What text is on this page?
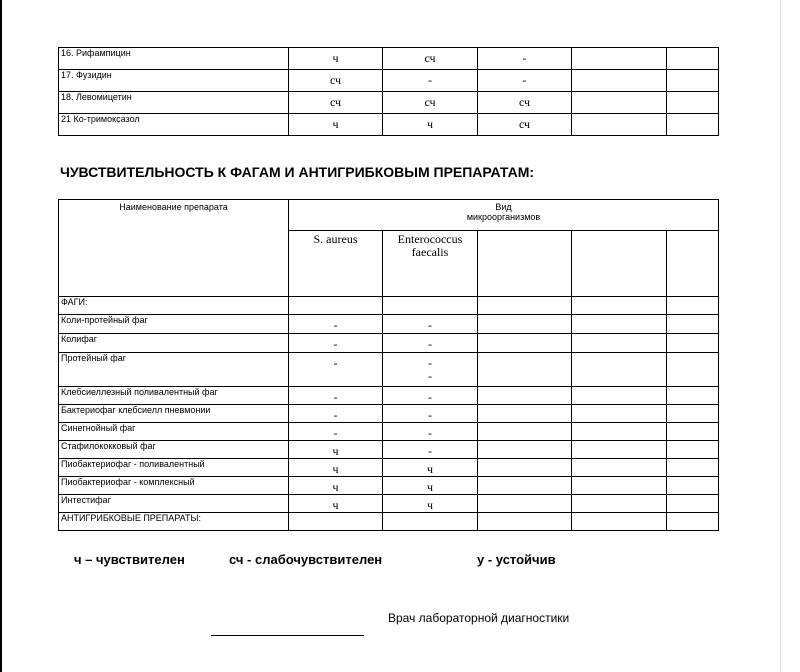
16. Рифампицин	ч	сч	-		
17. Фузидин	сч	-	-		
18. Левомицетин	сч	сч	сч		
21 Ко-тримоксазол	ч	ч	сч		
ЧУВСТВИТЕЛЬНОСТЬ К ФАГАМ И АНТИГРИБКОВЫМ ПРЕПАРАТАМ:
Наименование препарата	Вид
микроорганизмов				

	S. aureus	Enterococcus faecalis			
ФАГИ:					
Коли-протейный фаг	-	-			
Колифаг	-	-			
Протейный фаг	-	-
-			
Клебсиеллезный поливалентный фаг	-	-			
Бактериофаг клебсиелл пневмонии	-	-			
Синегнойный фаг	-	-			
Стафилококковый фаг	ч	-			
Пиобактериофаг - поливалентный	ч	ч			
Пиобактериофаг - комплексный	ч	ч			
Интестифаг	ч	ч			
АНТИГРИБКОВЫЕ ПРЕПАРАТЫ:					
ч – чувствителен	сч - слабочувствителен	у - устойчив
Врач лабораторной диагностики
